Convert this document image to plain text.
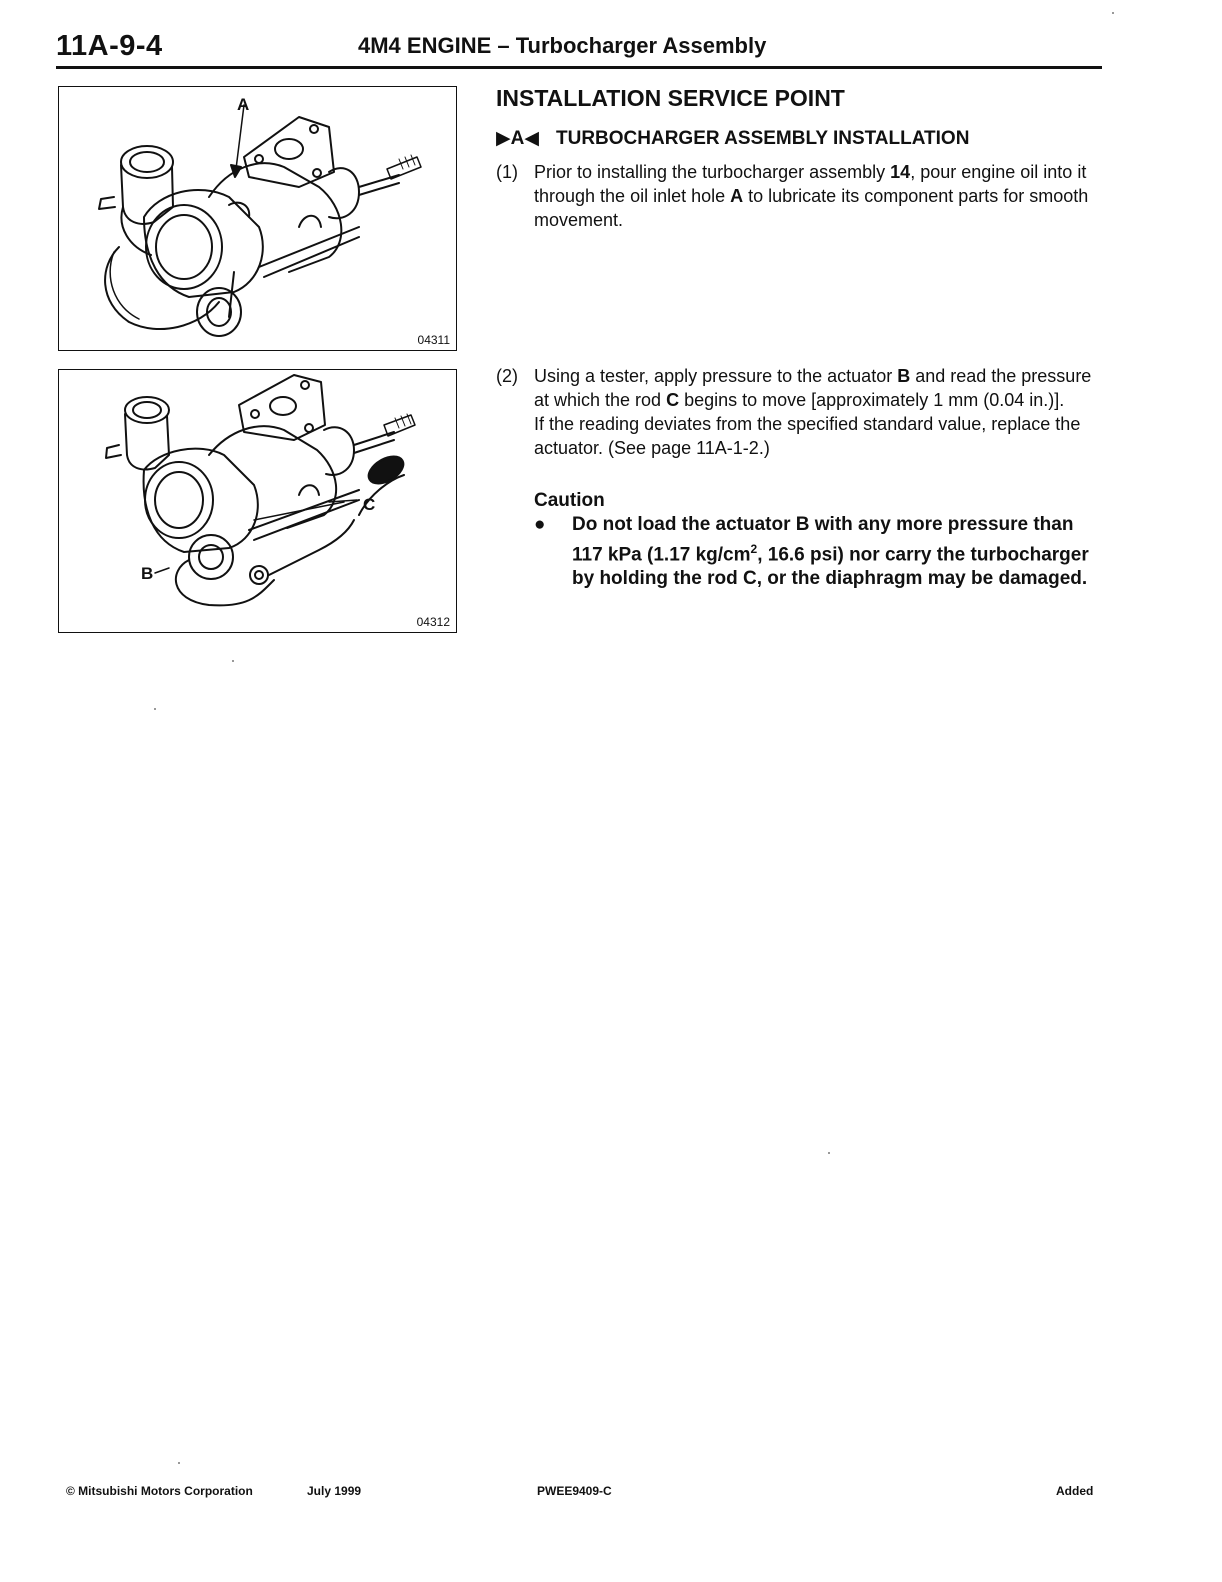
11A-9-4	4M4 ENGINE – Turbocharger Assembly
A
04311
B
C
04312
INSTALLATION SERVICE POINT
▶A◀ TURBOCHARGER ASSEMBLY INSTALLATION
(1) Prior to installing the turbocharger assembly 14, pour engine oil into it through the oil inlet hole A to lubricate its component parts for smooth movement.
(2) Using a tester, apply pressure to the actuator B and read the pressure at which the rod C begins to move [approximately 1 mm (0.04 in.)].
If the reading deviates from the specified standard value, replace the actuator. (See page 11A-1-2.)
Caution
● Do not load the actuator B with any more pressure than 117 kPa (1.17 $kg/cm^2$, 16.6 psi) nor carry the turbocharger by holding the rod C, or the diaphragm may be damaged.
© Mitsubishi Motors Corporation	July 1999	PWEE9409-C	Added
